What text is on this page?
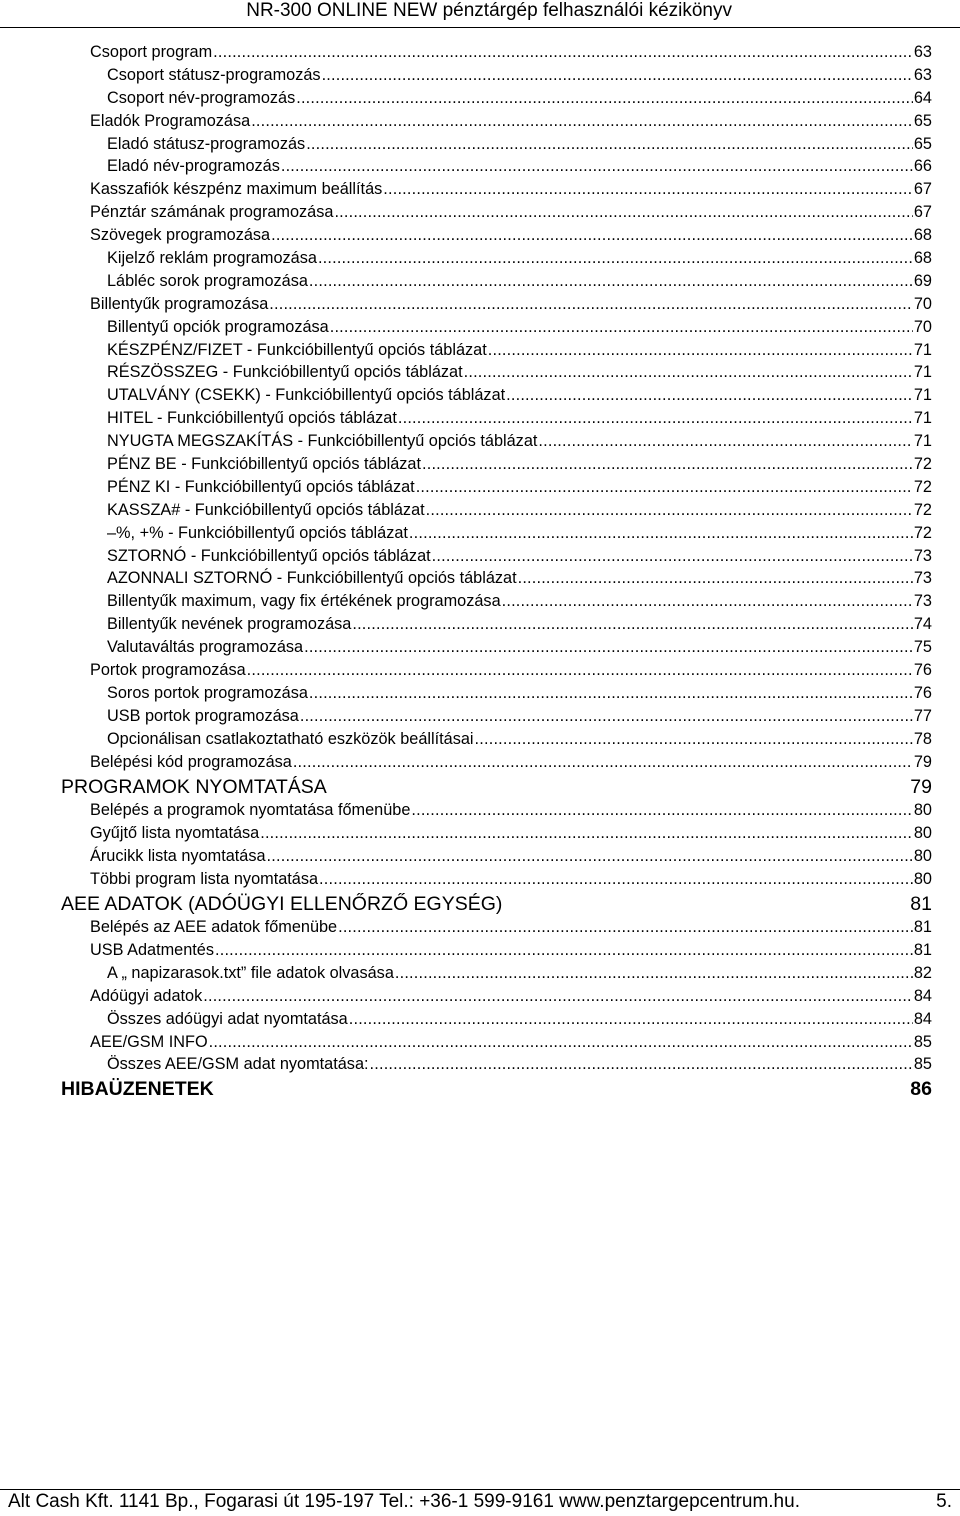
NR-300 ONLINE NEW pénztárgép felhasználói kézikönyv
Csoport program .....	63
Csoport státusz-programozás .....	63
Csoport név-programozás .....	64
Eladók Programozása .....	65
Eladó státusz-programozás .....	65
Eladó név-programozás .....	66
Kasszafiók készpénz maximum beállítás .....	67
Pénztár számának programozása .....	67
Szövegek programozása .....	68
Kijelző reklám programozása .....	68
Lábléc sorok programozása .....	69
Billentyűk programozása .....	70
Billentyű opciók programozása .....	70
KÉSZPÉNZ/FIZET - Funkcióbillentyű opciós táblázat .....	71
RÉSZÖSSZEG - Funkcióbillentyű opciós táblázat .....	71
UTALVÁNY (CSEKK) - Funkcióbillentyű opciós táblázat .....	71
HITEL - Funkcióbillentyű opciós táblázat .....	71
NYUGTA MEGSZAKÍTÁS - Funkcióbillentyű opciós táblázat .....	71
PÉNZ BE - Funkcióbillentyű opciós táblázat .....	72
PÉNZ KI - Funkcióbillentyű opciós táblázat .....	72
KASSZA# - Funkcióbillentyű opciós táblázat .....	72
–%, +% - Funkcióbillentyű opciós táblázat .....	72
SZTORNÓ - Funkcióbillentyű opciós táblázat .....	73
AZONNALI SZTORNÓ - Funkcióbillentyű opciós táblázat .....	73
Billentyűk maximum, vagy fix értékének programozása .....	73
Billentyűk nevének programozása .....	74
Valutaváltás programozása .....	75
Portok programozása .....	76
Soros portok programozása .....	76
USB portok programozása .....	77
Opcionálisan csatlakoztatható eszközök beállításai .....	78
Belépési kód programozása .....	79
PROGRAMOK NYOMTATÁSA	79
Belépés a programok nyomtatása főmenübe .....	80
Gyűjtő lista nyomtatása .....	80
Árucikk lista nyomtatása .....	80
Többi program lista nyomtatása .....	80
AEE ADATOK (ADÓÜGYI ELLENŐRZŐ EGYSÉG)	81
Belépés az AEE adatok főmenübe .....	81
USB Adatmentés .....	81
A „ napizarasok.txt” file adatok olvasása .....	82
Adóügyi adatok .....	84
Összes adóügyi adat nyomtatása .....	84
AEE/GSM INFO .....	85
Összes AEE/GSM adat nyomtatása: .....	85
HIBAÜZENETEK	86
Alt Cash Kft. 1141 Bp., Fogarasi út 195-197 Tel.: +36-1 599-9161 www.penztargepcentrum.hu.	5.
